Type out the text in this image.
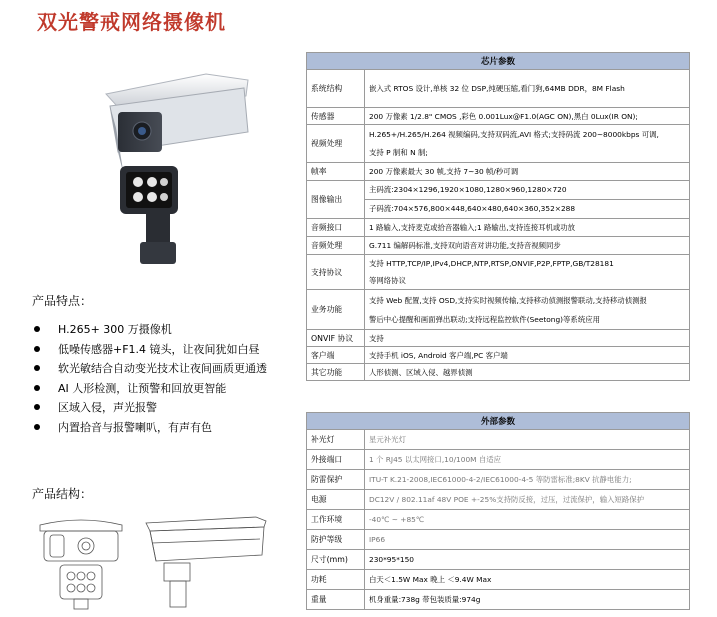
双光警戒网络摄像机
产品特点：
H.265+ 300 万摄像机
低噪传感器+F1.4 镜头，让夜间犹如白昼
软光敏结合自动变光技术让夜间画质更通透
AI 人形检测，让预警和回放更智能
区域入侵，声光报警
内置拾音与报警喇叭，有声有色
产品结构：
芯片参数	
系统结构	嵌入式 RTOS 设计,单核 32 位 DSP,纯硬压缩,看门狗,64MB DDR，8M Flash

传感器	200 万像素 1/2.8" CMOS ,彩色 0.001Lux@F1.0(AGC ON),黑白 0Lux(IR ON);

视频处理	H.265+/H.265/H.264 视频编码,支持双码流,AVI 格式;支持码流 200~8000kbps 可调,
支持 P 制和 N 制;

帧率	200 万像素最大 30 帧,支持 7~30 帧/秒可调

图像输出	主码流:2304×1296,1920×1080,1280×960,1280×720
子码流:704×576,800×448,640×480,640×360,352×288

音频接口	1 路输入,支持麦克或拾音器输入;1 路输出,支持连接耳机或功放

音频处理	G.711 编解码标准,支持双向语音对讲功能,支持音视频同步

支持协议	支持 HTTP,TCP/IP,IPv4,DHCP,NTP,RTSP,ONVIF,P2P,FPTP,GB/T28181
等网络协议

业务功能	支持 Web 配置,支持 OSD,支持实时视频传输,支持移动侦测报警联动,支持移动侦测报
警后中心提醒和画面弹出联动;支持远程监控软件(Seetong)等系统应用

ONVIF 协议	支持

客户端	支持手机 iOS, Android 客户端,PC 客户端

其它功能	人形侦测、区域入侵、越界侦测
外部参数	
补光灯	星元补光灯
外接端口	1 个 RJ45 以太网接口,10/100M 自适应
防雷保护	ITU-T K.21-2008,IEC61000-4-2/IEC61000-4-5 等防雷标准;8KV 抗静电能力;
电源	DC12V / 802.11af 48V POE +-25%支持防反接，过压，过流保护，输入短路保护
工作环境	-40℃ ~ +85℃
防护等级	IP66
尺寸(mm)	230*95*150
功耗	白天＜1.5W Max 晚上 ＜9.4W Max
重量	机身重量:738g 带包装质量:974g
